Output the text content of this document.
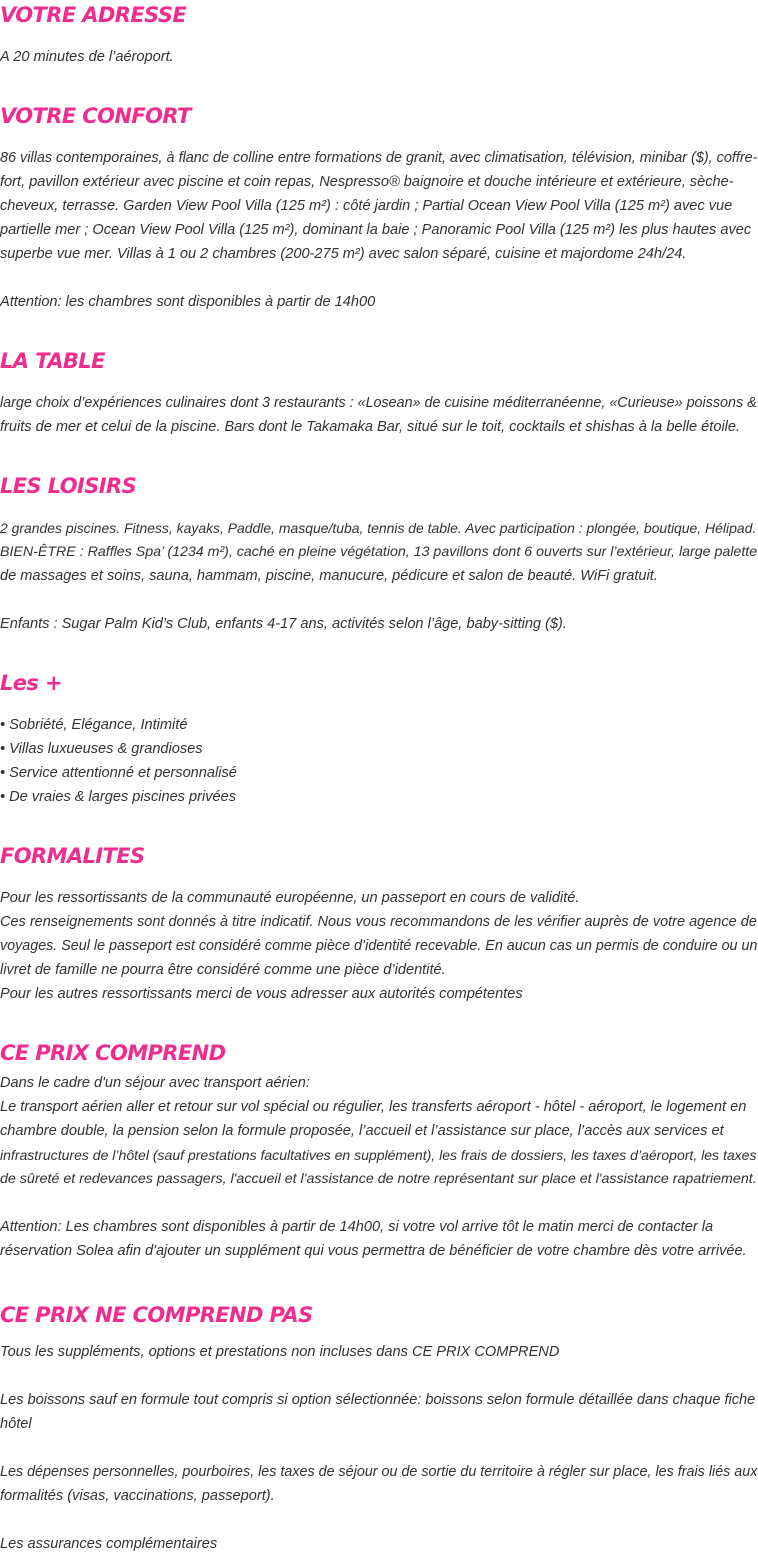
VOTRE ADRESSE
A 20 minutes de l’aéroport.
VOTRE CONFORT
86 villas contemporaines, à flanc de colline entre formations de granit, avec climatisation, télévision, minibar ($), coffre-
fort, pavillon extérieur avec piscine et coin repas, Nespresso® baignoire et douche intérieure et extérieure, sèche-
cheveux, terrasse. Garden View Pool Villa (125 m²) : côté jardin ; Partial Ocean View Pool Villa (125 m²) avec vue
partielle mer ; Ocean View Pool Villa (125 m²), dominant la baie ; Panoramic Pool Villa (125 m²) les plus hautes avec
superbe vue mer. Villas à 1 ou 2 chambres (200-275 m²) avec salon séparé, cuisine et majordome 24h/24.
Attention: les chambres sont disponibles à partir de 14h00
LA TABLE
large choix d’expériences culinaires dont 3 restaurants : «Losean» de cuisine méditerranéenne, «Curieuse» poissons &
fruits de mer et celui de la piscine. Bars dont le Takamaka Bar, situé sur le toit, cocktails et shishas à la belle étoile.
LES LOISIRS
2 grandes piscines. Fitness, kayaks, Paddle, masque/tuba, tennis de table. Avec participation : plongée, boutique, Hélipad.
BIEN-ÊTRE : Raffles Spa’ (1234 m²), caché en pleine végétation, 13 pavillons dont 6 ouverts sur l’extérieur, large palette
de massages et soins, sauna, hammam, piscine, manucure, pédicure et salon de beauté. WiFi gratuit.
Enfants : Sugar Palm Kid’s Club, enfants 4-17 ans, activités selon l’âge, baby-sitting ($).
Les +
• Sobriété, Elégance, Intimité
• Villas luxueuses & grandioses
• Service attentionné et personnalisé
• De vraies & larges piscines privées
FORMALITES
Pour les ressortissants de la communauté européenne, un passeport en cours de validité.
Ces renseignements sont donnés à titre indicatif. Nous vous recommandons de les vérifier auprès de votre agence de
voyages. Seul le passeport est considéré comme pièce d’identité recevable. En aucun cas un permis de conduire ou un
livret de famille ne pourra être considéré comme une pièce d’identité.
Pour les autres ressortissants merci de vous adresser aux autorités compétentes
CE PRIX COMPREND
Dans le cadre d'un séjour avec transport aérien:
Le transport aérien aller et retour sur vol spécial ou régulier, les transferts aéroport - hôtel - aéroport, le logement en
chambre double, la pension selon la formule proposée, l’accueil et l’assistance sur place, l’accès aux services et
infrastructures de l’hôtel (sauf prestations facultatives en supplément), les frais de dossiers, les taxes d’aéroport, les taxes
de sûreté et redevances passagers, l'accueil et l'assistance de notre représentant sur place et l'assistance rapatriement.
Attention: Les chambres sont disponibles à partir de 14h00, si votre vol arrive tôt le matin merci de contacter la
réservation Solea afin d'ajouter un supplément qui vous permettra de bénéficier de votre chambre dès votre arrivée.
CE PRIX NE COMPREND PAS
Tous les suppléments, options et prestations non incluses dans CE PRIX COMPREND
Les boissons sauf en formule tout compris si option sélectionnée: boissons selon formule détaillée dans chaque fiche
hôtel
Les dépenses personnelles, pourboires, les taxes de séjour ou de sortie du territoire à régler sur place, les frais liés aux
formalités (visas, vaccinations, passeport).
Les assurances complémentaires
